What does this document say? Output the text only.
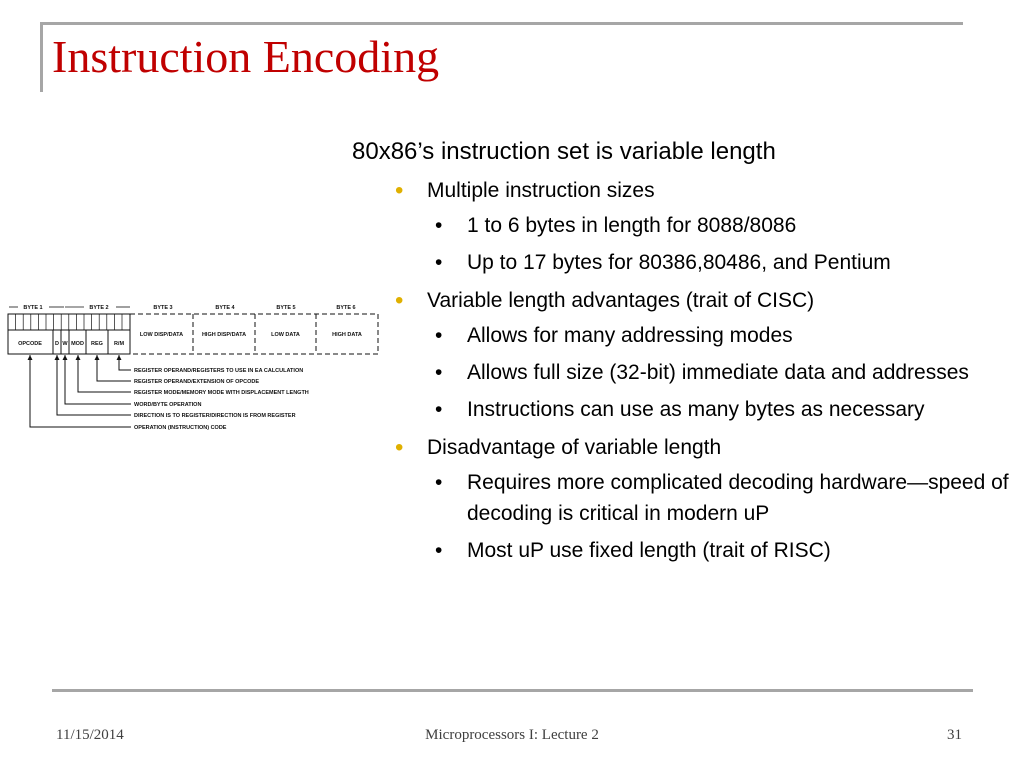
Instruction Encoding

80x86’s instruction set is variable length

• Multiple instruction sizes
• 1 to 6 bytes in length for 8088/8086
• Up to 17 bytes for 80386,80486, and Pentium
• Variable length advantages (trait of CISC)
• Allows for many addressing modes
• Allows full size (32-bit) immediate data and addresses
• Instructions can use as many bytes as necessary
• Disadvantage of variable length
• Requires more complicated decoding hardware—speed of decoding is critical in modern uP
• Most uP use fixed length (trait of RISC)
BYTE 1	BYTE 2	BYTE 3	BYTE 4	BYTE 5	BYTE 6
OPCODE D W MOD REG R/M
LOW DISP/DATA	HIGH DISP/DATA	LOW DATA	HIGH DATA
REGISTER OPERAND/REGISTERS TO USE IN EA CALCULATION
REGISTER OPERAND/EXTENSION OF OPCODE
REGISTER MODE/MEMORY MODE WITH DISPLACEMENT LENGTH
WORD/BYTE OPERATION
DIRECTION IS TO REGISTER/DIRECTION IS FROM REGISTER
OPERATION (INSTRUCTION) CODE
11/15/2014	Microprocessors I: Lecture 2	31
